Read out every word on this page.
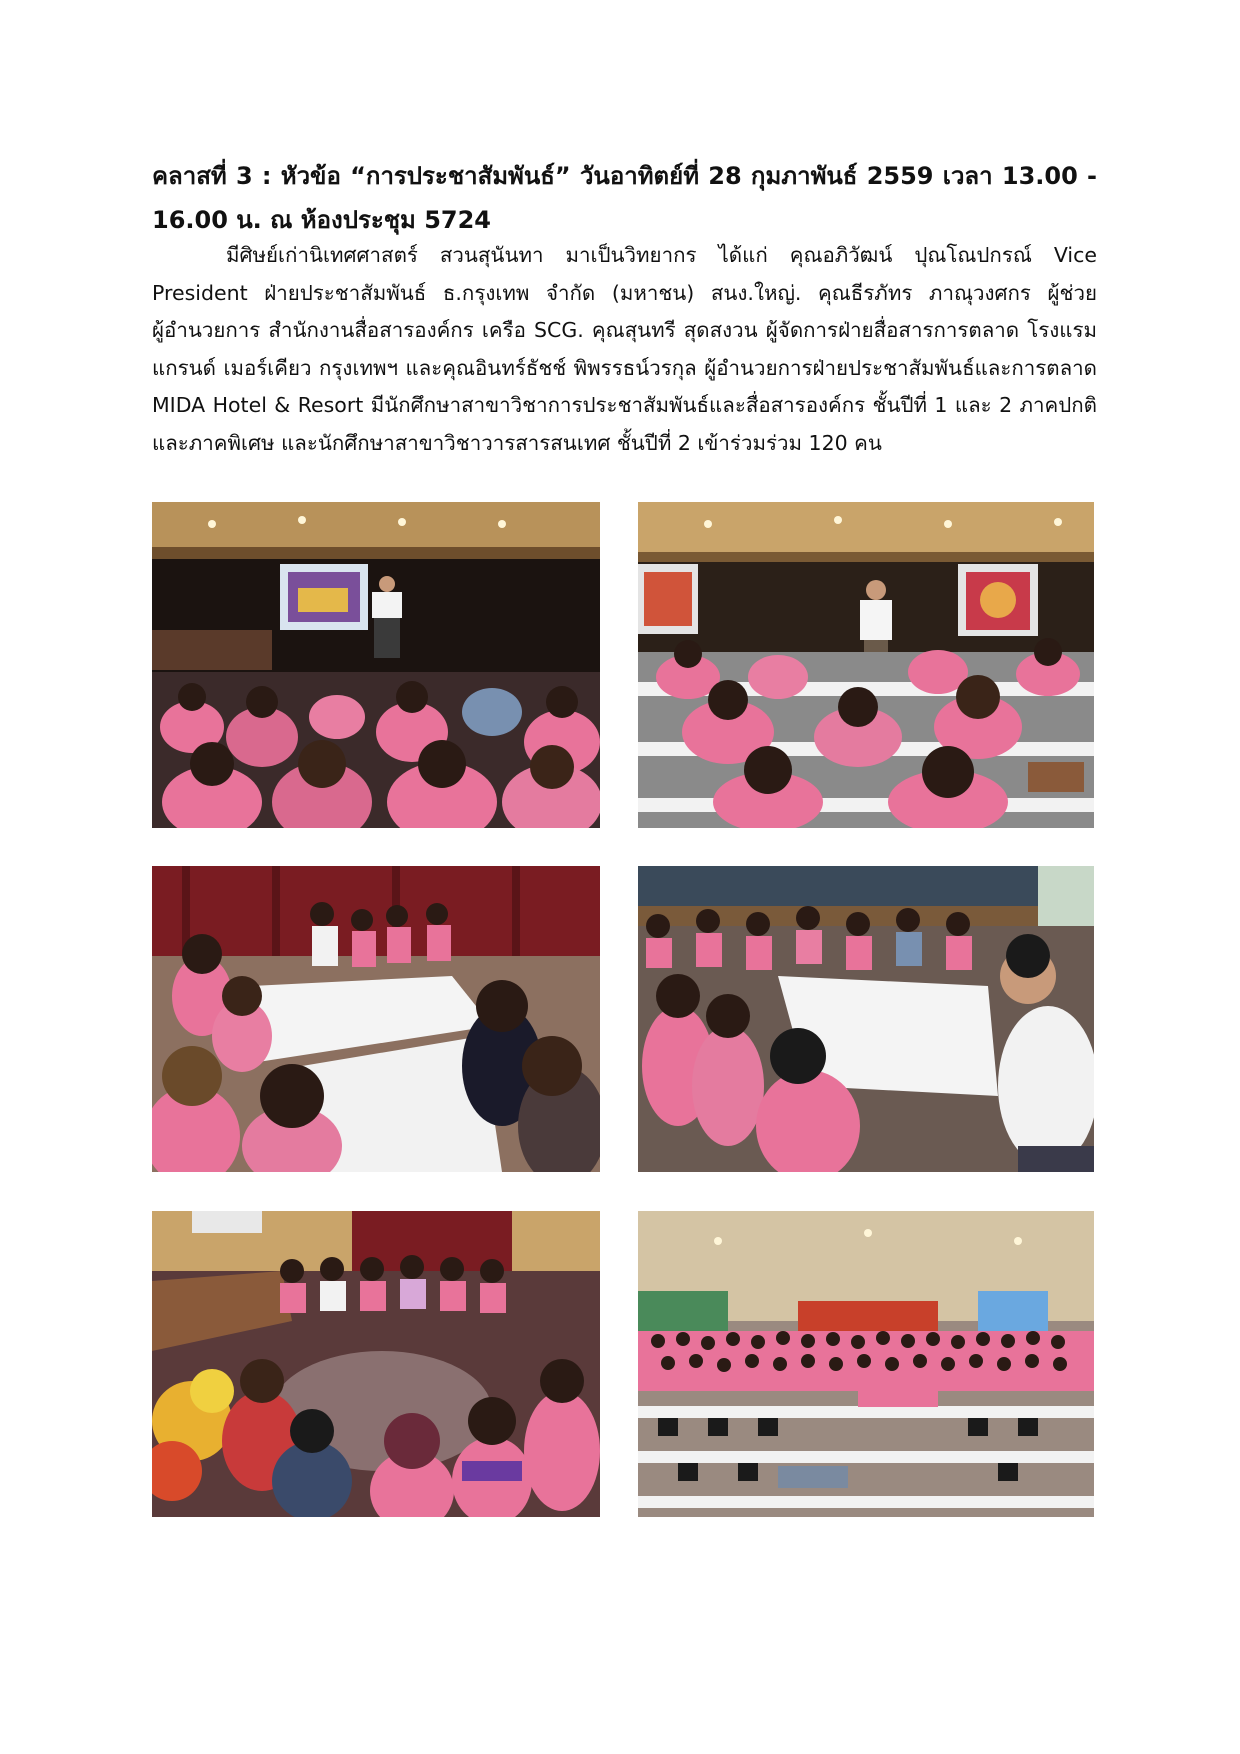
คลาสที่ 3 : หัวข้อ “การประชาสัมพันธ์” วันอาทิตย์ที่ 28 กุมภาพันธ์ 2559 เวลา 13.00 -
16.00 น. ณ ห้องประชุม 5724
มีศิษย์เก่านิเทศศาสตร์ สวนสุนันทา มาเป็นวิทยากร ได้แก่ คุณอภิวัฒน์ ปุณโณปกรณ์ Vice
President ฝ่ายประชาสัมพันธ์ ธ.กรุงเทพ จำกัด (มหาชน) สนง.ใหญ่. คุณธีรภัทร ภาณุวงศกร ผู้ช่วย
ผู้อำนวยการ สำนักงานสื่อสารองค์กร เครือ SCG. คุณสุนทรี สุดสงวน ผู้จัดการฝ่ายสื่อสารการตลาด โรงแรม
แกรนด์ เมอร์เคียว กรุงเทพฯ และคุณอินทร์ธัชช์ พิพรรธน์วรกุล ผู้อำนวยการฝ่ายประชาสัมพันธ์และการตลาด
MIDA Hotel & Resort มีนักศึกษาสาขาวิชาการประชาสัมพันธ์และสื่อสารองค์กร ชั้นปีที่ 1 และ 2 ภาคปกติ
และภาคพิเศษ และนักศึกษาสาขาวิชาวารสารสนเทศ ชั้นปีที่ 2 เข้าร่วมร่วม 120 คน
